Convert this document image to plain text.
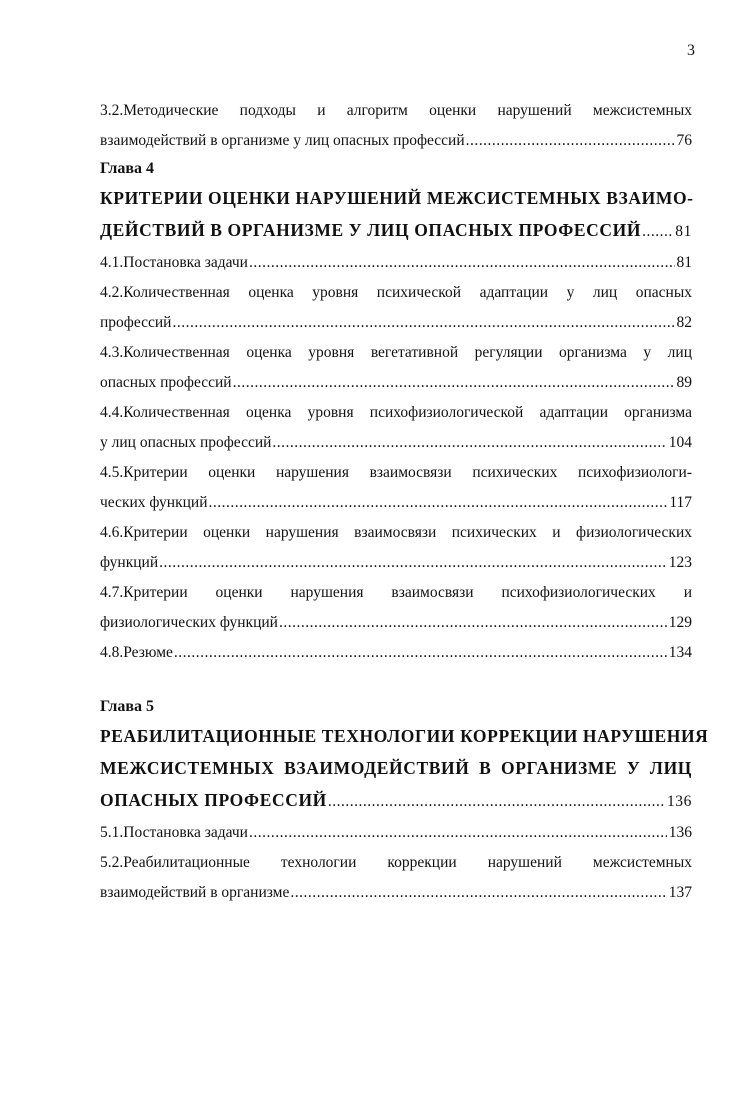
3
3.2.Методические подходы и алгоритм оценки нарушений межсистемных
взаимодействий в организме у лиц опасных профессий .....	76
Глава 4
КРИТЕРИИ ОЦЕНКИ НАРУШЕНИЙ МЕЖСИСТЕМНЫХ ВЗАИМО-
ДЕЙСТВИЙ В ОРГАНИЗМЕ У ЛИЦ ОПАСНЫХ ПРОФЕССИЙ ..... 81
4.1.Постановка задачи .....	81
4.2.Количественная оценка уровня психической адаптации у лиц опасных
профессий .....	82
4.3.Количественная оценка уровня вегетативной регуляции организма у лиц
опасных профессий .....	89
4.4.Количественная оценка уровня психофизиологической адаптации организма
у лиц опасных профессий .....	104
4.5.Критерии оценки нарушения взаимосвязи психических психофизиологи-
ческих функций .....	117
4.6.Критерии оценки нарушения взаимосвязи психических и физиологических
функций .....	123
4.7.Критерии оценки нарушения взаимосвязи психофизиологических и
физиологических функций .....	129
4.8.Резюме .....	134
Глава 5
РЕАБИЛИТАЦИОННЫЕ ТЕХНОЛОГИИ КОРРЕКЦИИ НАРУШЕНИЯ
МЕЖСИСТЕМНЫХ ВЗАИМОДЕЙСТВИЙ В ОРГАНИЗМЕ У ЛИЦ
ОПАСНЫХ ПРОФЕССИЙ .....	136
5.1.Постановка задачи .....	136
5.2.Реабилитационные технологии коррекции нарушений межсистемных
взаимодействий в организме .....	137
